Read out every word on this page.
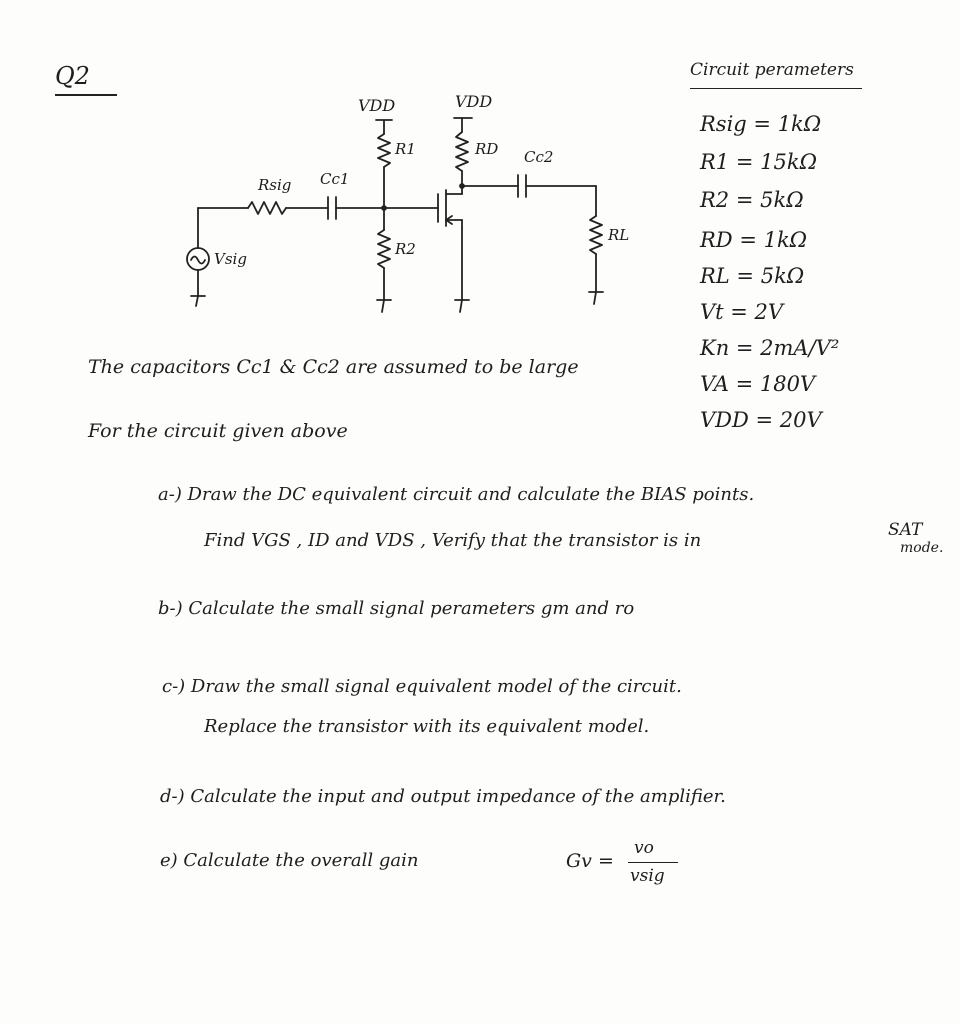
Q2	Circuit perameters
Rsig = 1kΩ
R1 = 15kΩ
R2 = 5kΩ
RD = 1kΩ
RL = 5kΩ
Vt = 2V
Kn = 2mA/V²
VA = 180V
VDD = 20V
VDD	VDD
R1	RD Cc2
Rsig Cc1
R2
RL
Vsig
The capacitors Cc1 & Cc2 are assumed to be large
For the circuit given above
a-) Draw the DC equivalent circuit and calculate the BIAS points.
Find VGS , ID and VDS , Verify that the transistor is in	SAT
mode.
b-) Calculate the small signal perameters gm and ro
c-) Draw the small signal equivalent model of the circuit.
Replace the transistor with its equivalent model.
d-) Calculate the input and output impedance of the amplifier.
e) Calculate the overall gain	Gv =
vo
vsig
